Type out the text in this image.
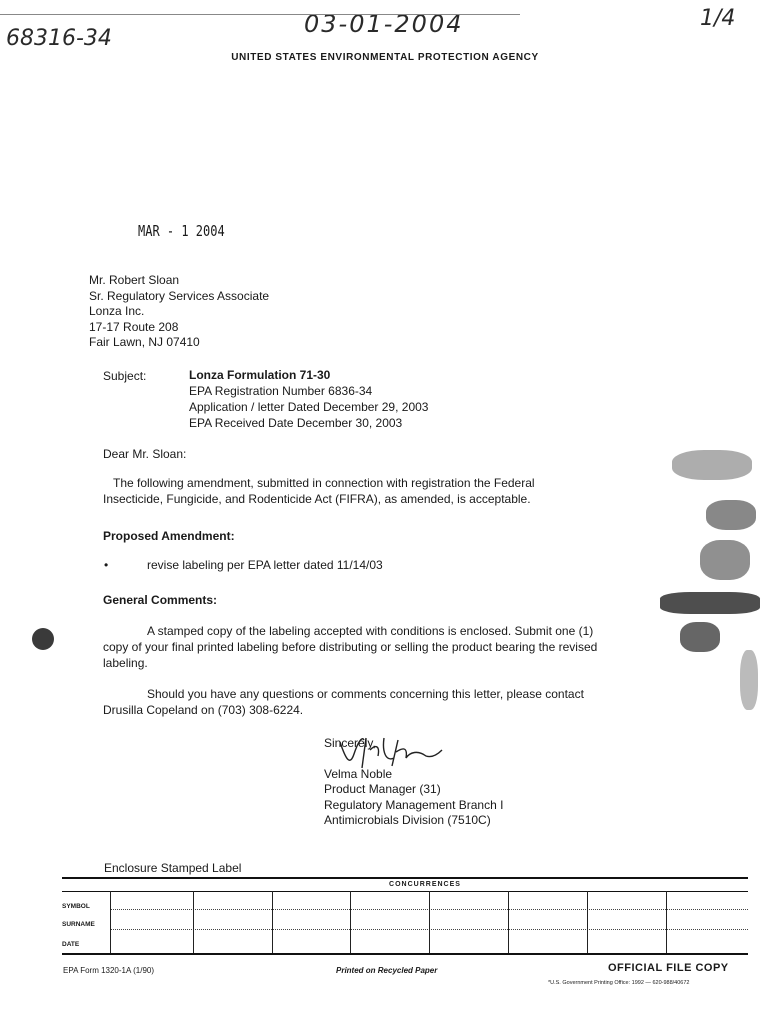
68316-34
03-01-2004	1/4
UNITED STATES ENVIRONMENTAL PROTECTION AGENCY
MAR - 1 2004
Mr. Robert Sloan
Sr. Regulatory Services Associate
Lonza Inc.
17-17 Route 208
Fair Lawn, NJ 07410
Subject:	Lonza Formulation 71-30
EPA Registration Number 6836-34
Application / letter Dated December 29, 2003
EPA Received Date December 30, 2003
Dear Mr. Sloan:
The following amendment, submitted in connection with registration the Federal
Insecticide, Fungicide, and Rodenticide Act (FIFRA), as amended, is acceptable.
Proposed Amendment:
•	revise labeling per EPA letter dated 11/14/03
General Comments:
A stamped copy of the labeling accepted with conditions is enclosed. Submit one (1)
copy of your final printed labeling before distributing or selling the product bearing the revised
labeling.
Should you have any questions or comments concerning this letter, please contact
Drusilla Copeland on (703) 308-6224.
Sincerely,
Velma Noble
Product Manager (31)
Regulatory Management Branch I
Antimicrobials Division (7510C)
Enclosure Stamped Label
CONCURRENCES
SYMBOL
SURNAME
DATE
EPA Form 1320-1A (1/90)	Printed on Recycled Paper	OFFICIAL FILE COPY
*U.S. Government Printing Office: 1992 — 620-988/40672
